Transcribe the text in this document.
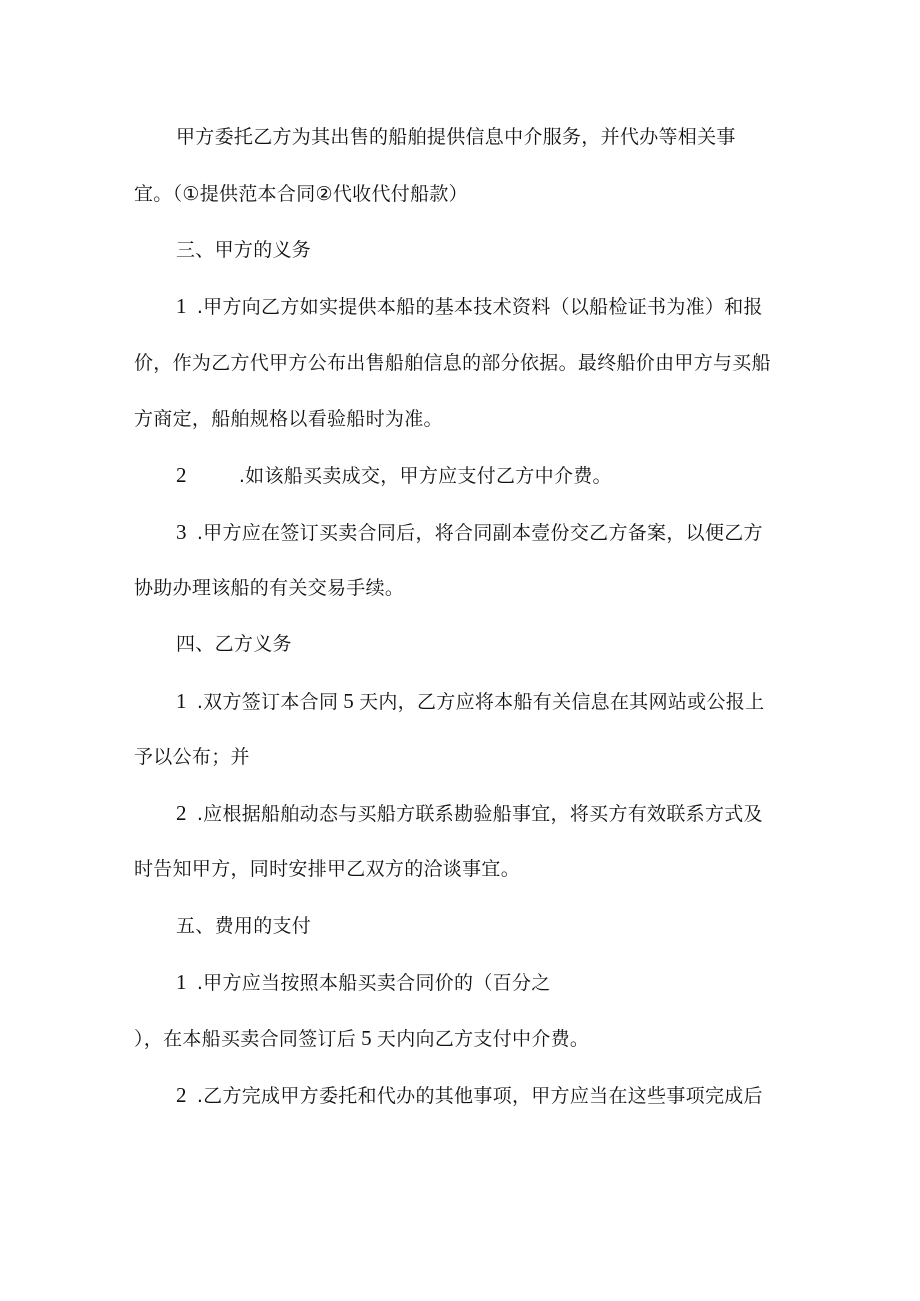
甲方委托乙方为其出售的船舶提供信息中介服务，并代办等相关事
宜。（①提供范本合同②代收代付船款）
三、甲方的义务
1 .甲方向乙方如实提供本船的基本技术资料（以船检证书为准）和报
价，作为乙方代甲方公布出售船舶信息的部分依据。最终船价由甲方与买船
方商定，船舶规格以看验船时为准。
2	.如该船买卖成交，甲方应支付乙方中介费。
3 .甲方应在签订买卖合同后，将合同副本壹份交乙方备案，以便乙方
协助办理该船的有关交易手续。
四、乙方义务
1 .双方签订本合同 5 天内，乙方应将本船有关信息在其网站或公报上
予以公布；并
2 .应根据船舶动态与买船方联系勘验船事宜，将买方有效联系方式及
时告知甲方，同时安排甲乙双方的洽谈事宜。
五、费用的支付
1 .甲方应当按照本船买卖合同价的（百分之
），在本船买卖合同签订后 5 天内向乙方支付中介费。
2 .乙方完成甲方委托和代办的其他事项，甲方应当在这些事项完成后
